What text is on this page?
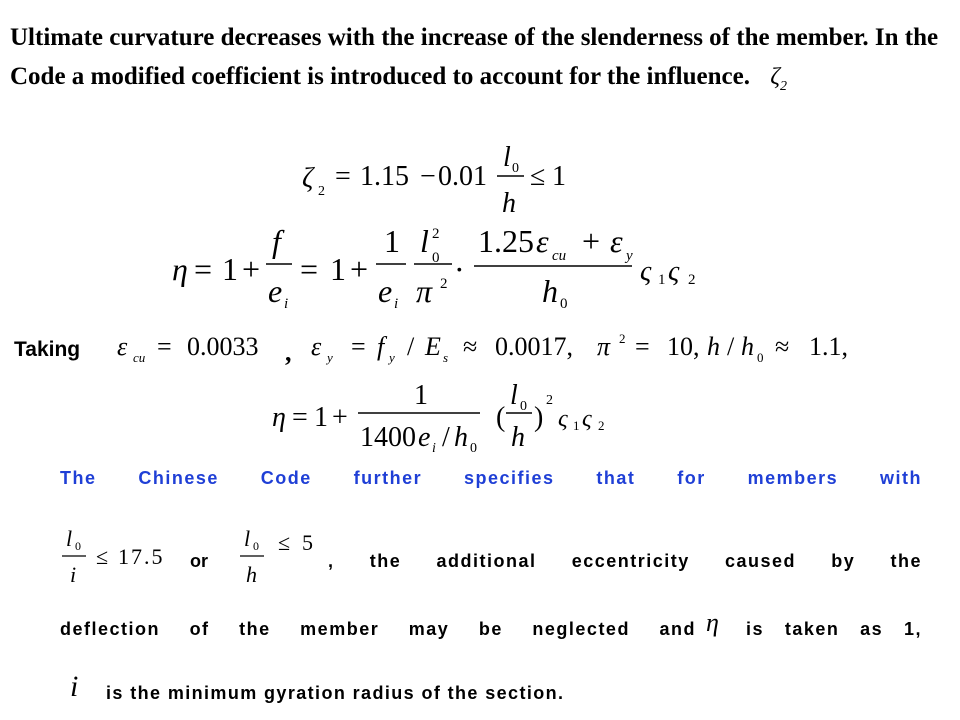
Ultimate curvature decreases with the increase of the slenderness of the member. In the Code a modified coefficient is introduced to account for the influence. $\zeta_2$

ζ 2 = 1.15 − 0.01
l 0
h
≤ 1
η = 1 +
f
e i
= 1 +
1
e i
l 2
0
π 2 ·
1.25 ε cu + ε y
h 0
ς 1 ς 2
Taking ε cu = 0.0033 , ε y = f y / E s ≈ 0.0017, π 2 = 10, h / h 0 ≈ 1.1,
η = 1 +
1
1400 e i / h 0
(
l 0
h
)
2
ς 1 ς 2
The Chinese Code further specifies that for members with
l 0
i
≤ 17.5 or
l 0
h
≤ 5
, the additional eccentricity caused by the
deflection of the member may be neglected and η is taken as 1,
i is the minimum gyration radius of the section.
